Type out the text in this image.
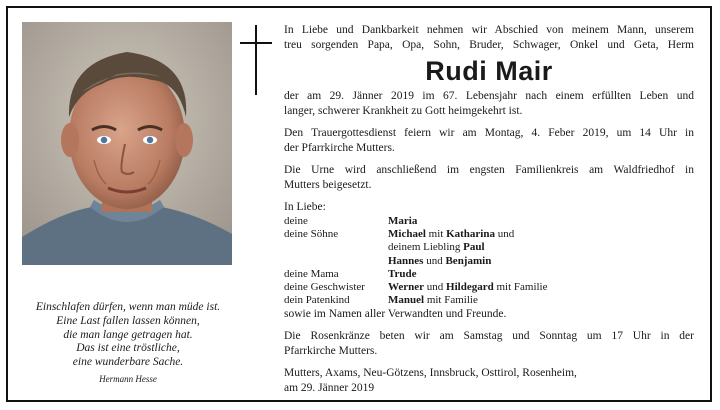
Einschlafen dürfen, wenn man müde ist.
Eine Last fallen lassen können,
die man lange getragen hat.
Das ist eine tröstliche,
eine wunderbare Sache.
Hermann Hesse
In Liebe und Dankbarkeit nehmen wir Abschied von meinem Mann, unserem
treu sorgenden Papa, Opa, Sohn, Bruder, Schwager, Onkel und Geta, Herm
Rudi Mair
der am 29. Jänner 2019 im 67. Lebensjahr nach einem erfüllten Leben und
langer, schwerer Krankheit zu Gott heimgekehrt ist.
Den Trauergottesdienst feiern wir am Montag, 4. Feber 2019, um 14 Uhr in
der Pfarrkirche Mutters.
Die Urne wird anschließend im engsten Familienkreis am Waldfriedhof in
Mutters beigesetzt.
In Liebe:
deine	Maria
deine Söhne	Michael mit Katharina und
deinem Liebling Paul
Hannes und Benjamin
deine Mama	Trude
deine Geschwister	Werner und Hildegard mit Familie
dein Patenkind	Manuel mit Familie
sowie im Namen aller Verwandten und Freunde.
Die Rosenkränze beten wir am Samstag und Sonntag um 17 Uhr in der
Pfarrkirche Mutters.
Mutters, Axams, Neu-Götzens, Innsbruck, Osttirol, Rosenheim,
am 29. Jänner 2019
